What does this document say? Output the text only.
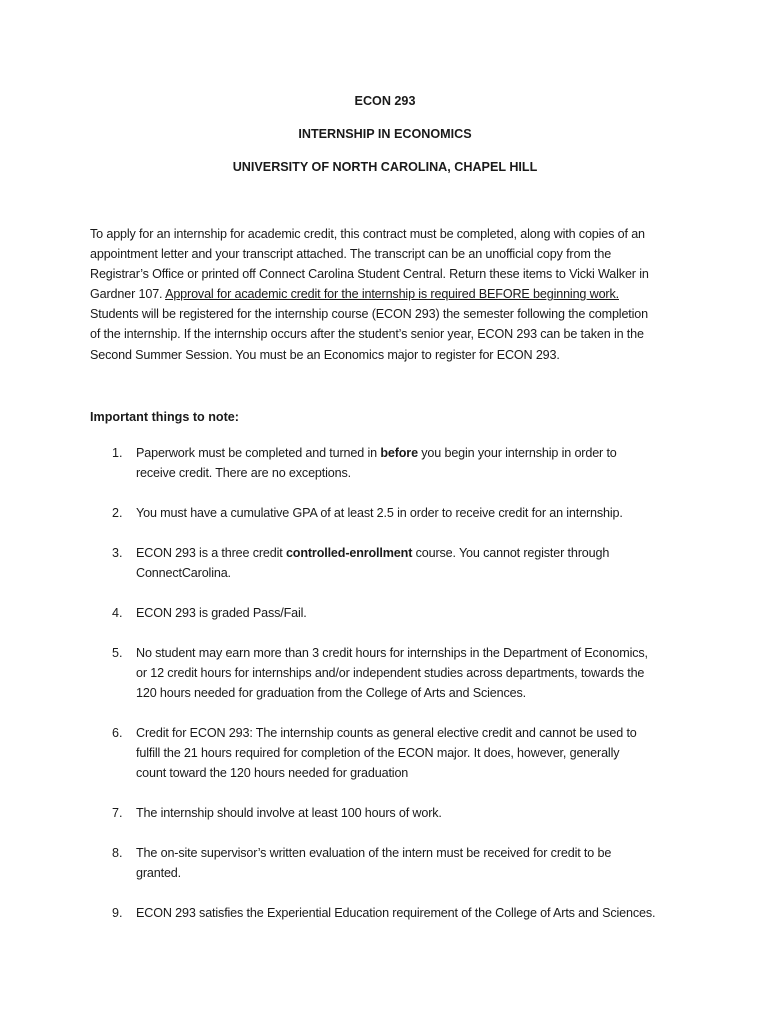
ECON 293
INTERNSHIP IN ECONOMICS
UNIVERSITY OF NORTH CAROLINA, CHAPEL HILL

To apply for an internship for academic credit, this contract must be completed, along with copies of an
appointment letter and your transcript attached. The transcript can be an unofficial copy from the
Registrar’s Office or printed off Connect Carolina Student Central. Return these items to Vicki Walker in
Gardner 107. Approval for academic credit for the internship is required BEFORE beginning work.
Students will be registered for the internship course (ECON 293) the semester following the completion
of the internship. If the internship occurs after the student’s senior year, ECON 293 can be taken in the
Second Summer Session. You must be an Economics major to register for ECON 293.

Important things to note:
1. Paperwork must be completed and turned in before you begin your internship in order to
receive credit. There are no exceptions.
2. You must have a cumulative GPA of at least 2.5 in order to receive credit for an internship.
3. ECON 293 is a three credit controlled-enrollment course. You cannot register through
ConnectCarolina.
4. ECON 293 is graded Pass/Fail.
5. No student may earn more than 3 credit hours for internships in the Department of Economics,
or 12 credit hours for internships and/or independent studies across departments, towards the
120 hours needed for graduation from the College of Arts and Sciences.
6. Credit for ECON 293: The internship counts as general elective credit and cannot be used to
fulfill the 21 hours required for completion of the ECON major. It does, however, generally
count toward the 120 hours needed for graduation
7. The internship should involve at least 100 hours of work.
8. The on-site supervisor’s written evaluation of the intern must be received for credit to be
granted.
9. ECON 293 satisfies the Experiential Education requirement of the College of Arts and Sciences.
